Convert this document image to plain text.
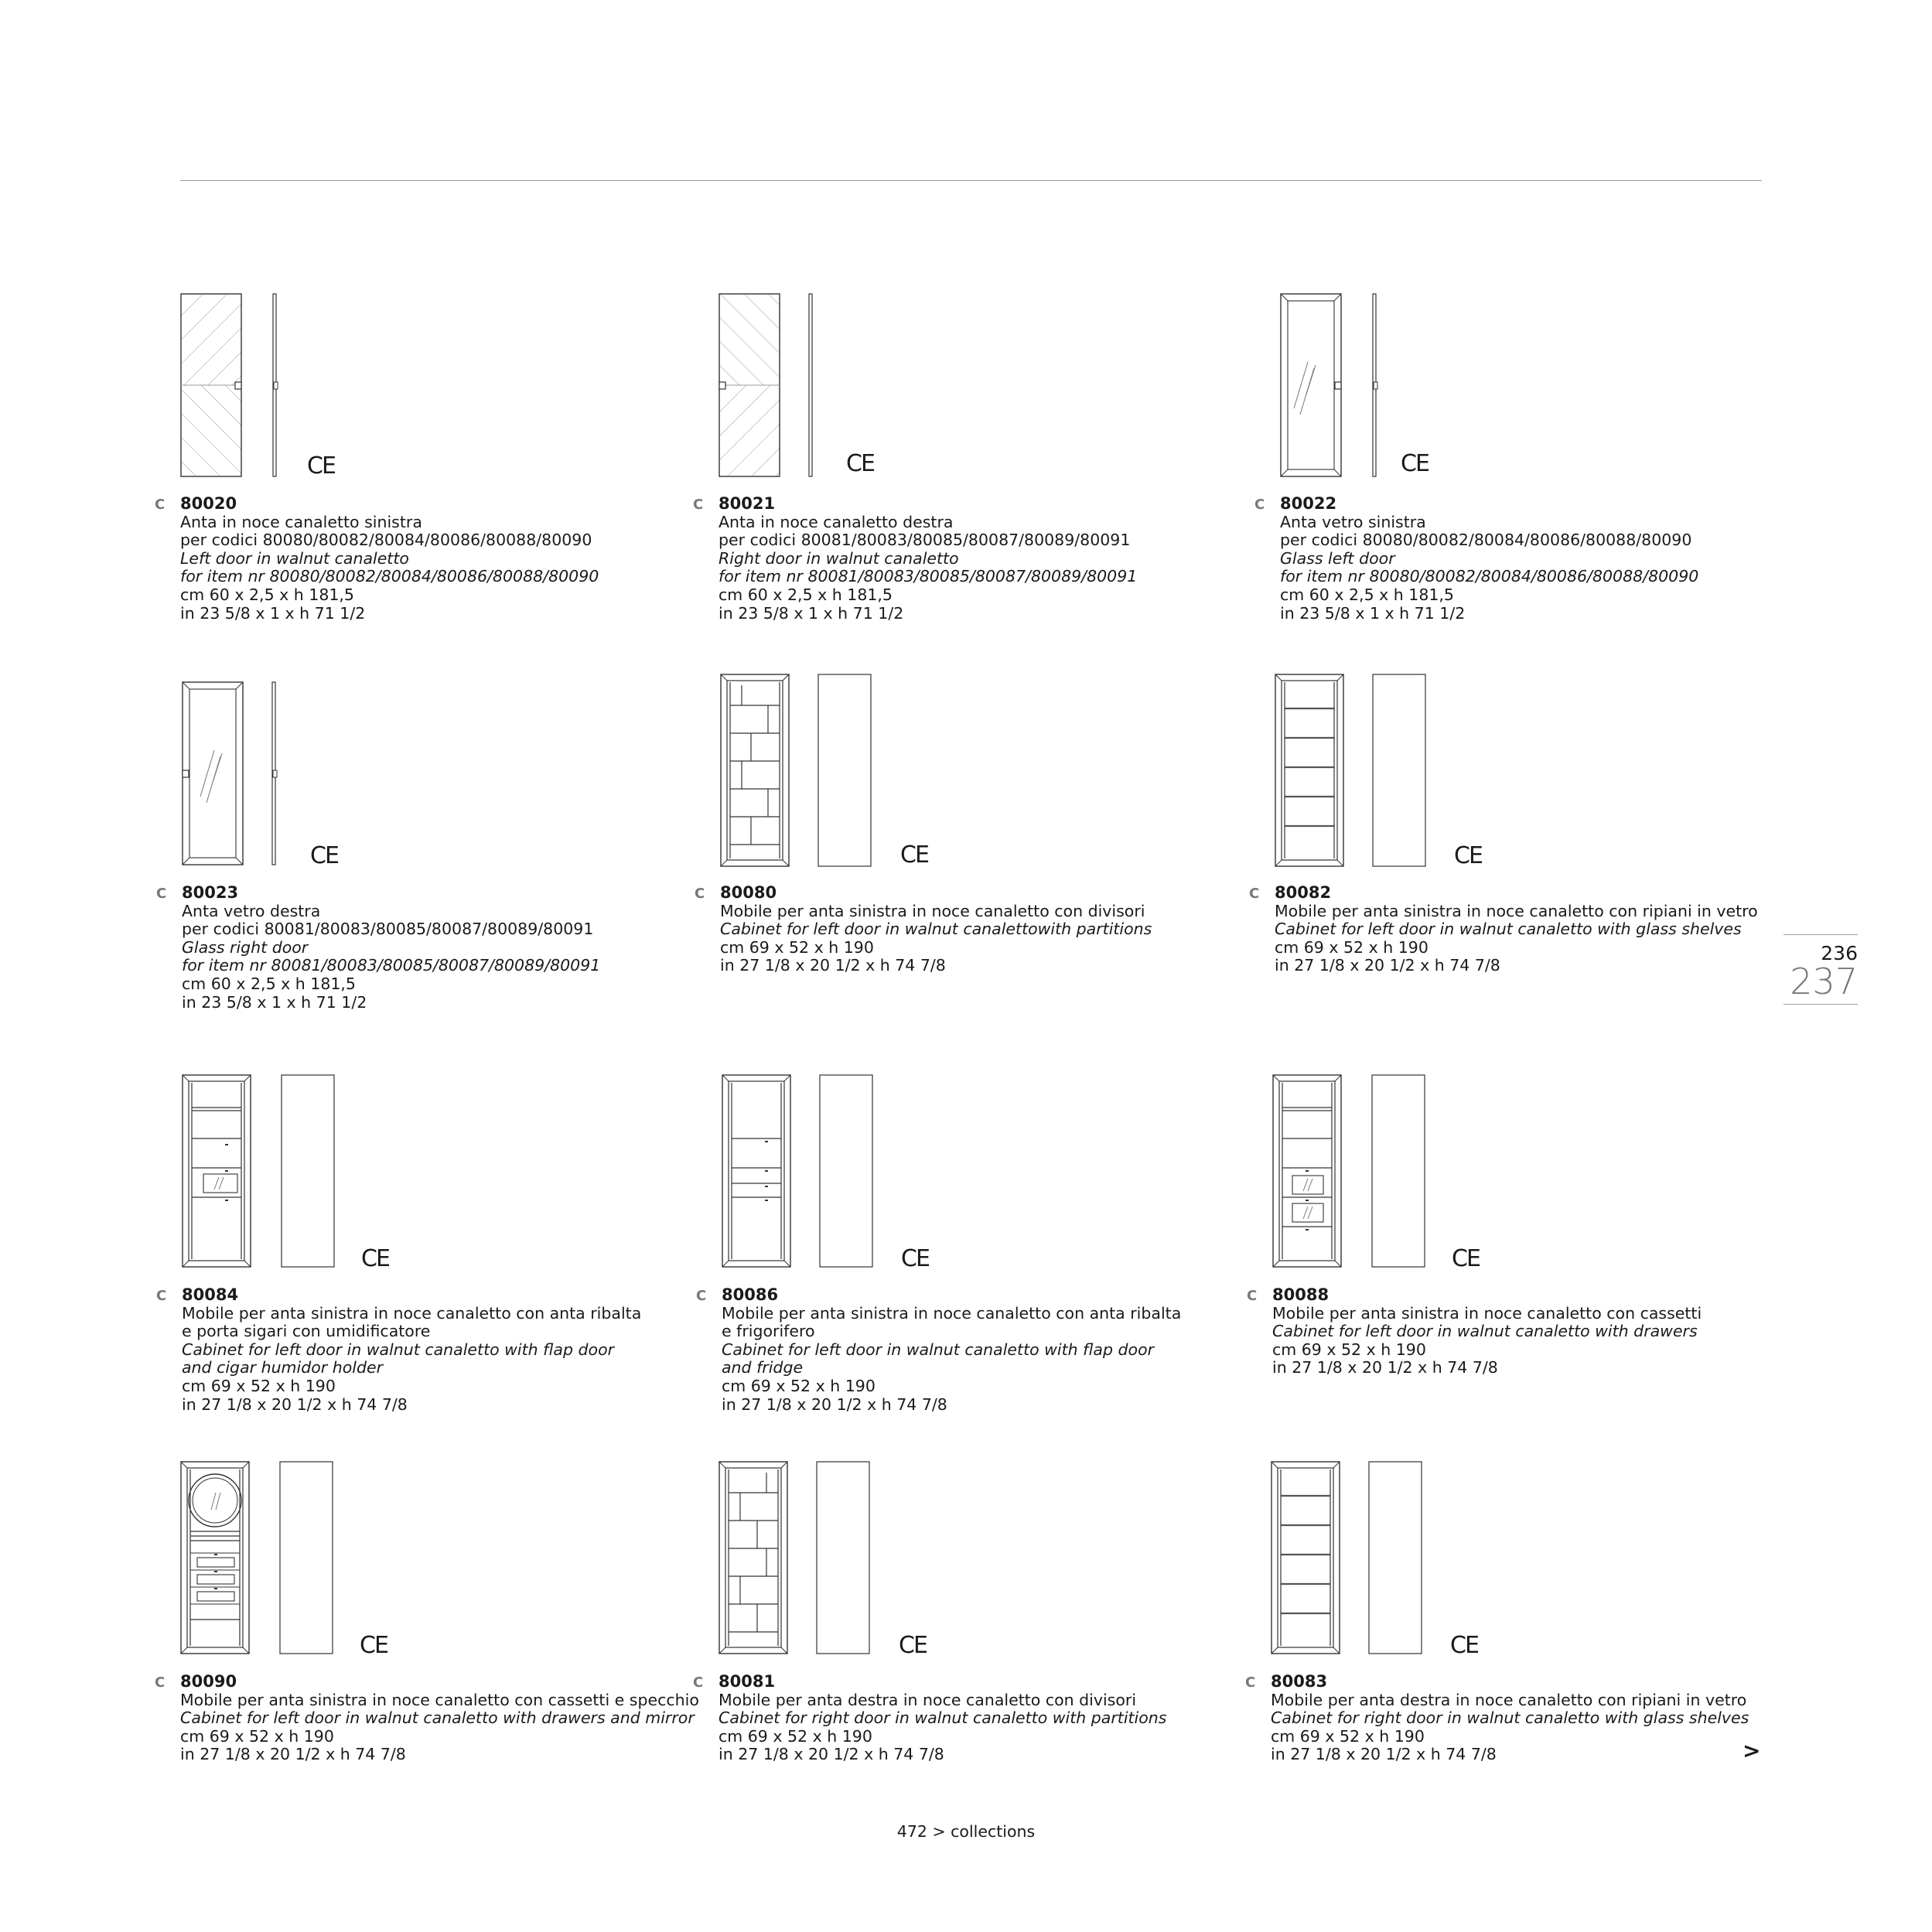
CE
C 80020
Anta in noce canaletto sinistra
per codici 80080/80082/80084/80086/80088/80090
Left door in walnut canaletto
for item nr 80080/80082/80084/80086/80088/80090
cm 60 x 2,5 x h 181,5
in 23 5/8 x 1 x h 71 1/2
CE
C 80021
Anta in noce canaletto destra
per codici 80081/80083/80085/80087/80089/80091
Right door in walnut canaletto
for item nr 80081/80083/80085/80087/80089/80091
cm 60 x 2,5 x h 181,5
in 23 5/8 x 1 x h 71 1/2
CE
C 80022
Anta vetro sinistra
per codici 80080/80082/80084/80086/80088/80090
Glass left door
for item nr 80080/80082/80084/80086/80088/80090
cm 60 x 2,5 x h 181,5
in 23 5/8 x 1 x h 71 1/2
CE
C 80023
Anta vetro destra
per codici 80081/80083/80085/80087/80089/80091
Glass right door
for item nr 80081/80083/80085/80087/80089/80091
cm 60 x 2,5 x h 181,5
in 23 5/8 x 1 x h 71 1/2
CE
C 80080
Mobile per anta sinistra in noce canaletto con divisori
Cabinet for left door in walnut canalettowith partitions
cm 69 x 52 x h 190
in 27 1/8 x 20 1/2 x h 74 7/8
CE
C 80082
Mobile per anta sinistra in noce canaletto con ripiani in vetro
Cabinet for left door in walnut canaletto with glass shelves
cm 69 x 52 x h 190
in 27 1/8 x 20 1/2 x h 74 7/8
CE
C 80084
Mobile per anta sinistra in noce canaletto con anta ribalta
e porta sigari con umidificatore
Cabinet for left door in walnut canaletto with flap door
and cigar humidor holder
cm 69 x 52 x h 190
in 27 1/8 x 20 1/2 x h 74 7/8
CE
C 80086
Mobile per anta sinistra in noce canaletto con anta ribalta
e frigorifero
Cabinet for left door in walnut canaletto with flap door
and fridge
cm 69 x 52 x h 190
in 27 1/8 x 20 1/2 x h 74 7/8
CE
C 80088
Mobile per anta sinistra in noce canaletto con cassetti
Cabinet for left door in walnut canaletto with drawers
cm 69 x 52 x h 190
in 27 1/8 x 20 1/2 x h 74 7/8
CE
C 80090
Mobile per anta sinistra in noce canaletto con cassetti e specchio
Cabinet for left door in walnut canaletto with drawers and mirror
cm 69 x 52 x h 190
in 27 1/8 x 20 1/2 x h 74 7/8
CE
C 80081
Mobile per anta destra in noce canaletto con divisori
Cabinet for right door in walnut canaletto with partitions
cm 69 x 52 x h 190
in 27 1/8 x 20 1/2 x h 74 7/8
CE
C 80083
Mobile per anta destra in noce canaletto con ripiani in vetro
Cabinet for right door in walnut canaletto with glass shelves
cm 69 x 52 x h 190
in 27 1/8 x 20 1/2 x h 74 7/8
236
237
>
472 > collections
